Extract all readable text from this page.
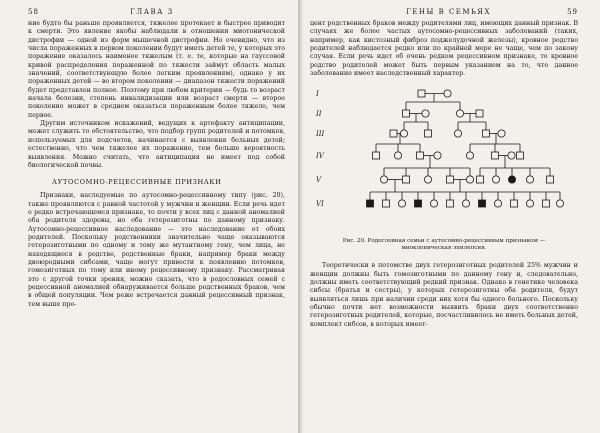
58	ГЛАВА 3

ние будто бы раньше проявляется, тяжелее протекает и быстрее приводит к смерти. Это явление якобы наблюдали в отношении миотонической дистрофии — одной из форм мышечной дистрофии. Но очевидно, что из числа пораженных в первом поколении будут иметь детей те, у которых это поражение оказалось наименее тяжелым (т. е. те, которые на гауссовой кривой распределения пораженной по тяжести займут область малых значений, соответствующую более легким проявлениям), однако у их пораженных детей — во втором поколении — диапазон тяжести поражений будет представлен полнее. Поэтому при любом критерии — будь то возраст начала болезни, степень инвалидизации или возраст смерти — второе поколение может в среднем оказаться пораженным более тяжело, чем первое.

Другим источником искажений, ведущих к артефакту антиципации, может служить то обстоятельство, что подбор групп родителей и потомков, используемых для подсчетов, начинается с выявления больных детей; естественно, что чем тяжелее их поражение, тем больше вероятность выявления. Можно считать, что антиципация не имеет под собой биологической почвы.

АУТОСОМНО-РЕЦЕССИВНЫЕ ПРИЗНАКИ

Признаки, наследуемые по аутосомно-рецессивному типу (рис. 20), также проявляются с равной частотой у мужчин и женщин. Если речь идет о редко встречающемся признаке, то почти у всех лиц с данной аномалией оба родителя здоровы, но оба гетерозиготны по данному признаку. Аутосомно-рецессивное наследование — это наследование от обоих родителей. Поскольку родственники значительно чаще оказываются гетерозиготными по одному и тому же мутантному гену, чем лица, не находящиеся в родстве, родственные браки, например браки между двоюродными сибсами, чаще могут привести к появлению потомков, гомозиготных по тому или иному рецессивному признаку. Рассматривая это с другой точки зрения, можно сказать, что в родословных семей с рецессивной аномалией обнаруживается больше родственных браков, чем в общей популяции. Чем реже встречается данный рецессивный признак, тем выше про-

ГЕНЫ В СЕМЬЯХ	59

цент родственных браков между родителями лиц, имеющих данный признак. В случаях же более частых аутосомно-рецессивных заболеваний (таких, например, как кистозный фиброз поджелудочной железы), кровное родство родителей наблюдается редко или по крайней мере не чаще, чем по закону случая. Если речь идет об очень редком рецессивном признаке, то кровное родство родителей может быть первым указанием на то, что данное заболевание имеет наследственный характер.

I
II
III
IV
V
VI
Рис. 20. Родословная семьи с аутосомно-рецессивным признаком — миоклоническая эпилепсия.

Теоретически в потомстве двух гетерозиготных родителей 25% мужчин и женщин должны быть гомозиготными по данному гену и, следовательно, должны иметь соответствующий редкий признак. Однако в генетике человека сибсы (братья и сестры), у которых гетерозиготны оба родителя, будут выявляться лишь при наличии среди них хотя бы одного больного. Поскольку обычно почти нет возможности выявить браки двух соответственно гетерозиготных родителей, которые, посчастливилось не иметь больных детей, комплект сибсов, в которых имеет-
